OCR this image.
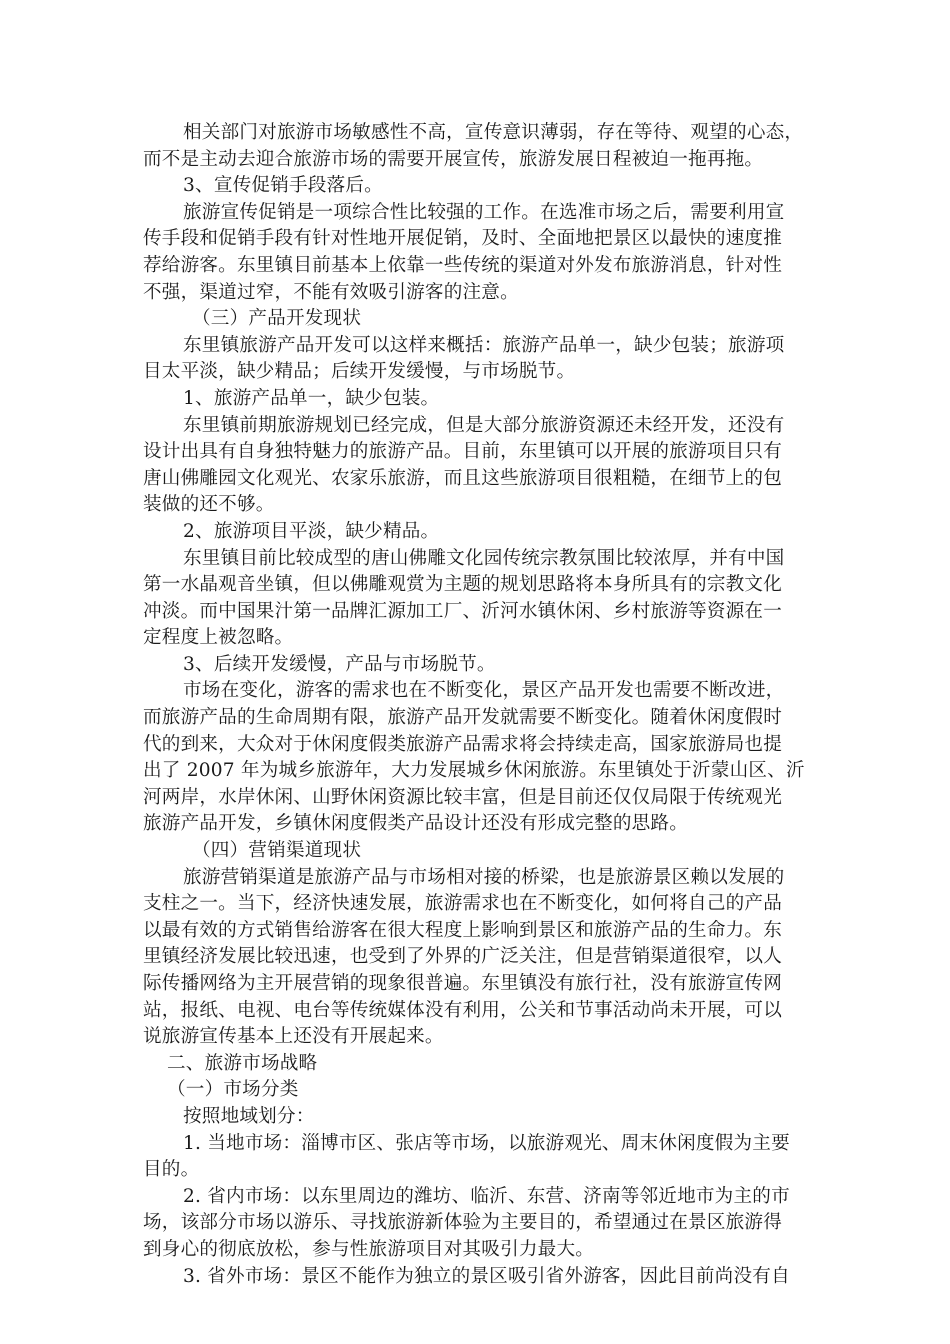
相关部门对旅游市场敏感性不高，宣传意识薄弱，存在等待、观望的心态，
而不是主动去迎合旅游市场的需要开展宣传，旅游发展日程被迫一拖再拖。
3、宣传促销手段落后。
旅游宣传促销是一项综合性比较强的工作。在选准市场之后，需要利用宣
传手段和促销手段有针对性地开展促销，及时、全面地把景区以最快的速度推
荐给游客。东里镇目前基本上依靠一些传统的渠道对外发布旅游消息，针对性
不强，渠道过窄，不能有效吸引游客的注意。
（三）产品开发现状
东里镇旅游产品开发可以这样来概括：旅游产品单一，缺少包装；旅游项
目太平淡，缺少精品；后续开发缓慢，与市场脱节。
1、旅游产品单一，缺少包装。
东里镇前期旅游规划已经完成，但是大部分旅游资源还未经开发，还没有
设计出具有自身独特魅力的旅游产品。目前，东里镇可以开展的旅游项目只有
唐山佛雕园文化观光、农家乐旅游，而且这些旅游项目很粗糙，在细节上的包
装做的还不够。
2、旅游项目平淡，缺少精品。
东里镇目前比较成型的唐山佛雕文化园传统宗教氛围比较浓厚，并有中国
第一水晶观音坐镇，但以佛雕观赏为主题的规划思路将本身所具有的宗教文化
冲淡。而中国果汁第一品牌汇源加工厂、沂河水镇休闲、乡村旅游等资源在一
定程度上被忽略。
3、后续开发缓慢，产品与市场脱节。
市场在变化，游客的需求也在不断变化，景区产品开发也需要不断改进，
而旅游产品的生命周期有限，旅游产品开发就需要不断变化。随着休闲度假时
代的到来，大众对于休闲度假类旅游产品需求将会持续走高，国家旅游局也提
出了 2007 年为城乡旅游年，大力发展城乡休闲旅游。东里镇处于沂蒙山区、沂
河两岸，水岸休闲、山野休闲资源比较丰富，但是目前还仅仅局限于传统观光
旅游产品开发，乡镇休闲度假类产品设计还没有形成完整的思路。
（四）营销渠道现状
旅游营销渠道是旅游产品与市场相对接的桥梁，也是旅游景区赖以发展的
支柱之一。当下，经济快速发展，旅游需求也在不断变化，如何将自己的产品
以最有效的方式销售给游客在很大程度上影响到景区和旅游产品的生命力。东
里镇经济发展比较迅速，也受到了外界的广泛关注，但是营销渠道很窄，以人
际传播网络为主开展营销的现象很普遍。东里镇没有旅行社，没有旅游宣传网
站，报纸、电视、电台等传统媒体没有利用，公关和节事活动尚未开展，可以
说旅游宣传基本上还没有开展起来。
二、旅游市场战略
（一）市场分类
按照地域划分：
1. 当地市场：淄博市区、张店等市场，以旅游观光、周末休闲度假为主要
目的。
2. 省内市场：以东里周边的潍坊、临沂、东营、济南等邻近地市为主的市
场，该部分市场以游乐、寻找旅游新体验为主要目的，希望通过在景区旅游得
到身心的彻底放松，参与性旅游项目对其吸引力最大。
3. 省外市场：景区不能作为独立的景区吸引省外游客，因此目前尚没有自
